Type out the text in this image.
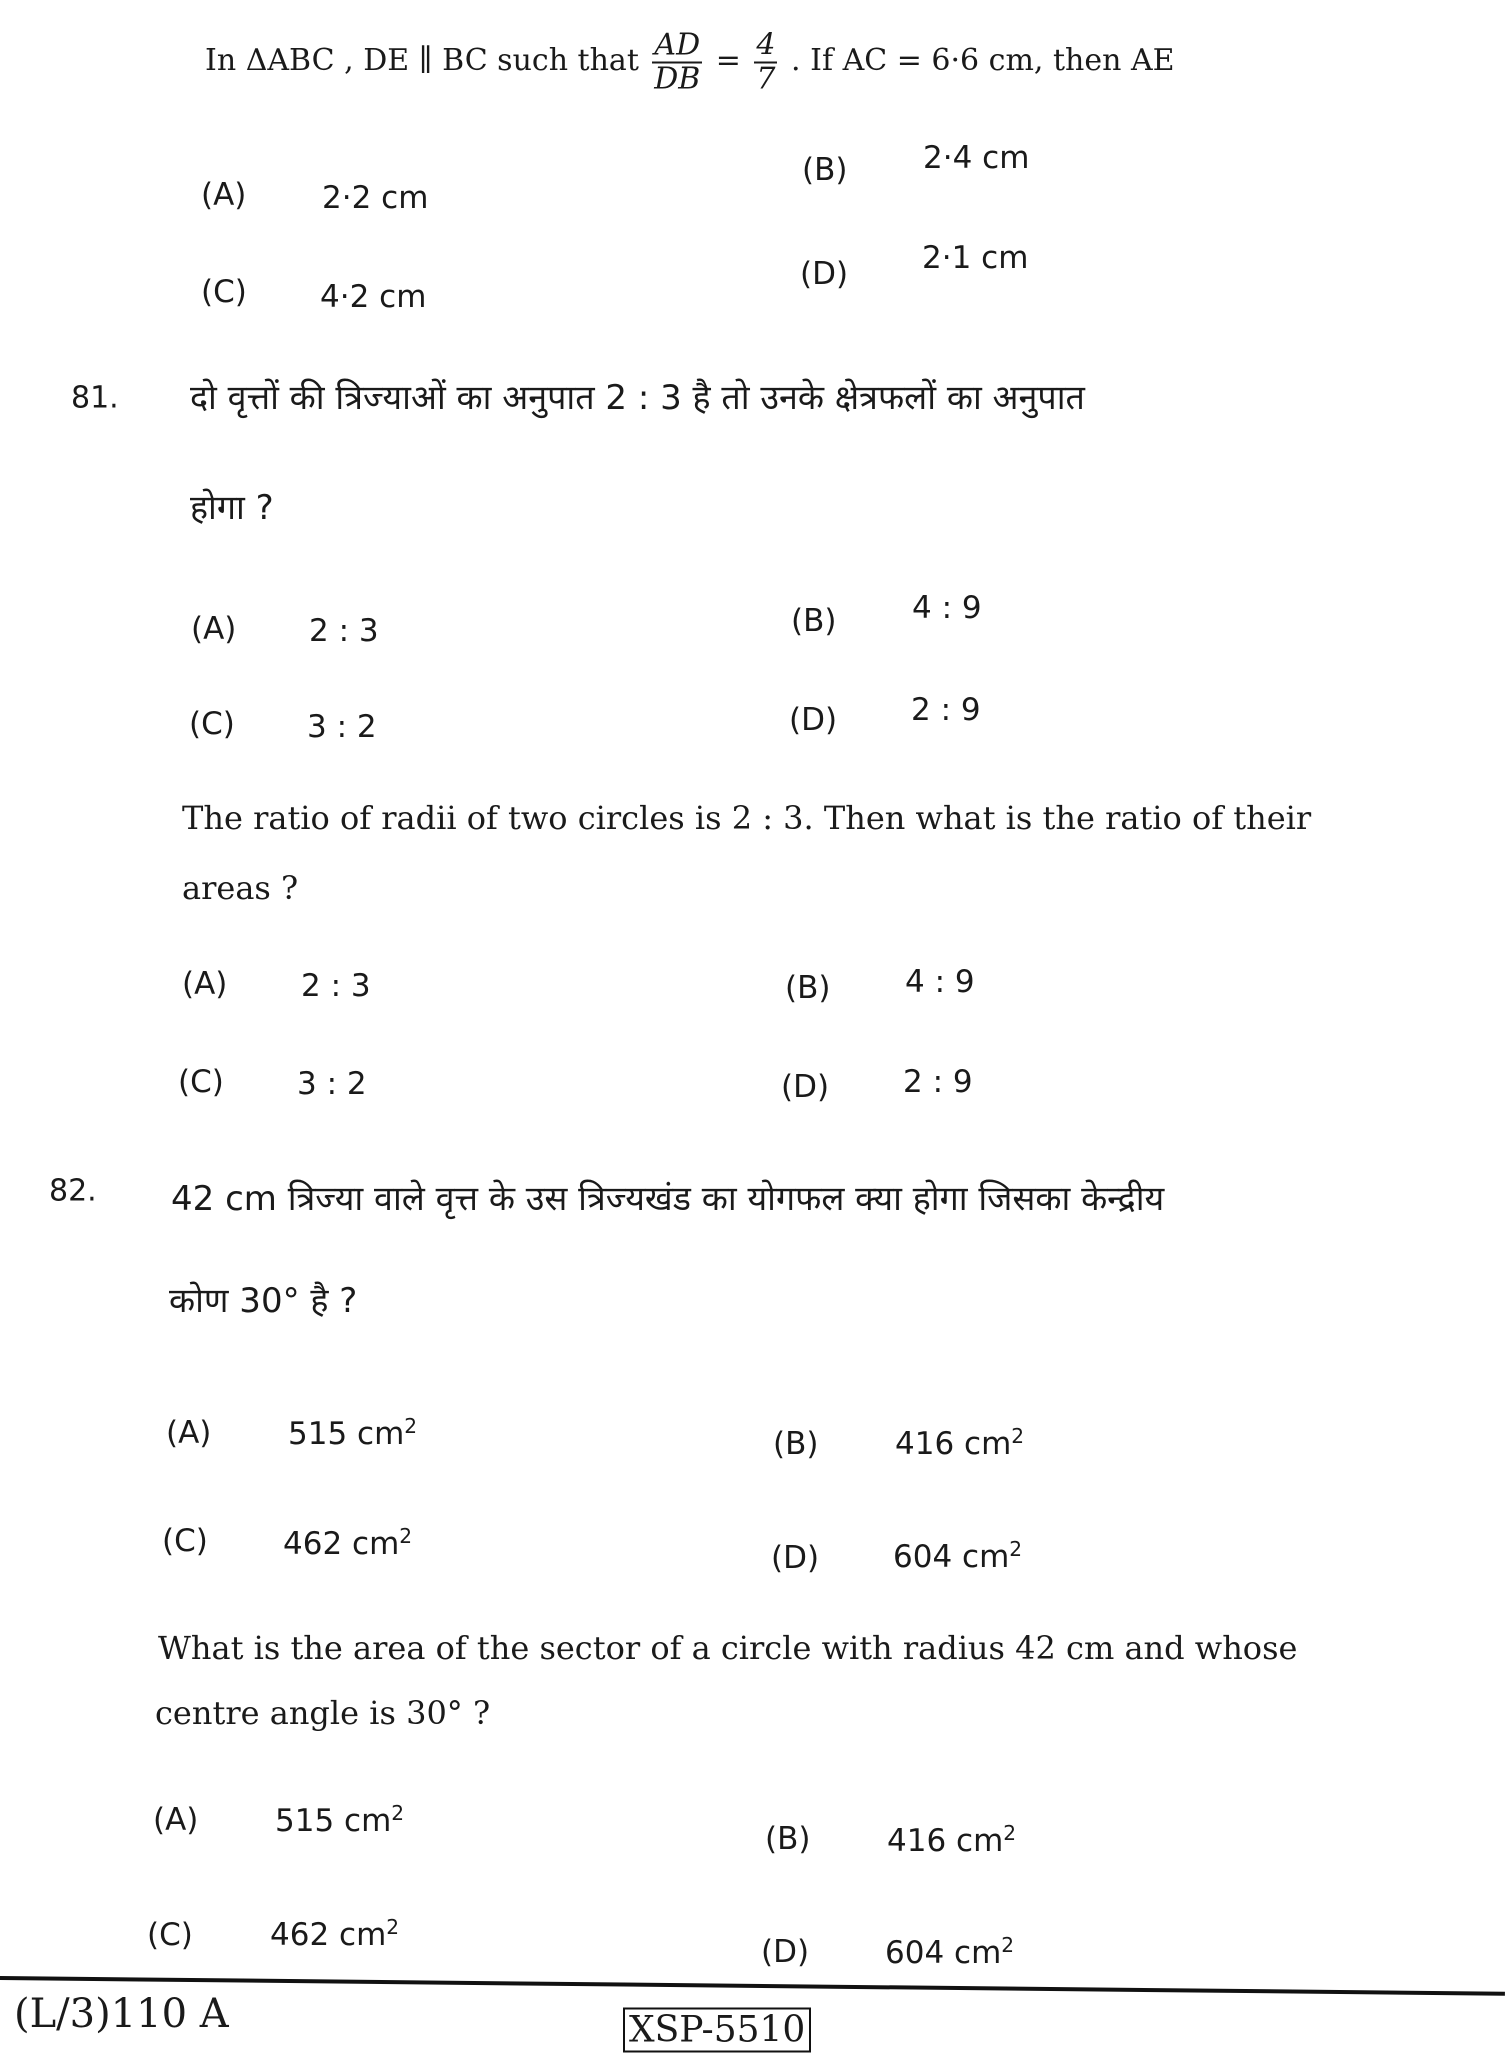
In ΔABC , DE ∥ BC such that $\frac{AD}{DB} = \frac{4}{7}$ . If AC = 6·6 cm, then AE
(A) 2·2 cm
(B) 2·4 cm
(C) 4·2 cm
(D) 2·1 cm
81. दो वृत्तों की त्रिज्याओं का अनुपात 2 : 3 है तो उनके क्षेत्रफलों का अनुपात
होगा ?
(A) 2 : 3	(B) 4 : 9
(C) 3 : 2	(D) 2 : 9
The ratio of radii of two circles is 2 : 3. Then what is the ratio of their
areas ?
(A) 2 : 3	(B) 4 : 9
(C) 3 : 2	(D) 2 : 9
82. 42 cm त्रिज्या वाले वृत्त के उस त्रिज्यखंड का योगफल क्या होगा जिसका केन्द्रीय
कोण 30° है ?
(A) 515 $cm^2$
(B) 416 $cm^2$
(C) 462 $cm^2$
(D) 604 $cm^2$
What is the area of the sector of a circle with radius 42 cm and whose
centre angle is 30° ?
(A) 515 $cm^2$
(B) 416 $cm^2$
(C) 462 $cm^2$
(D) 604 $cm^2$
(L/3)110 A	XSP-5510
